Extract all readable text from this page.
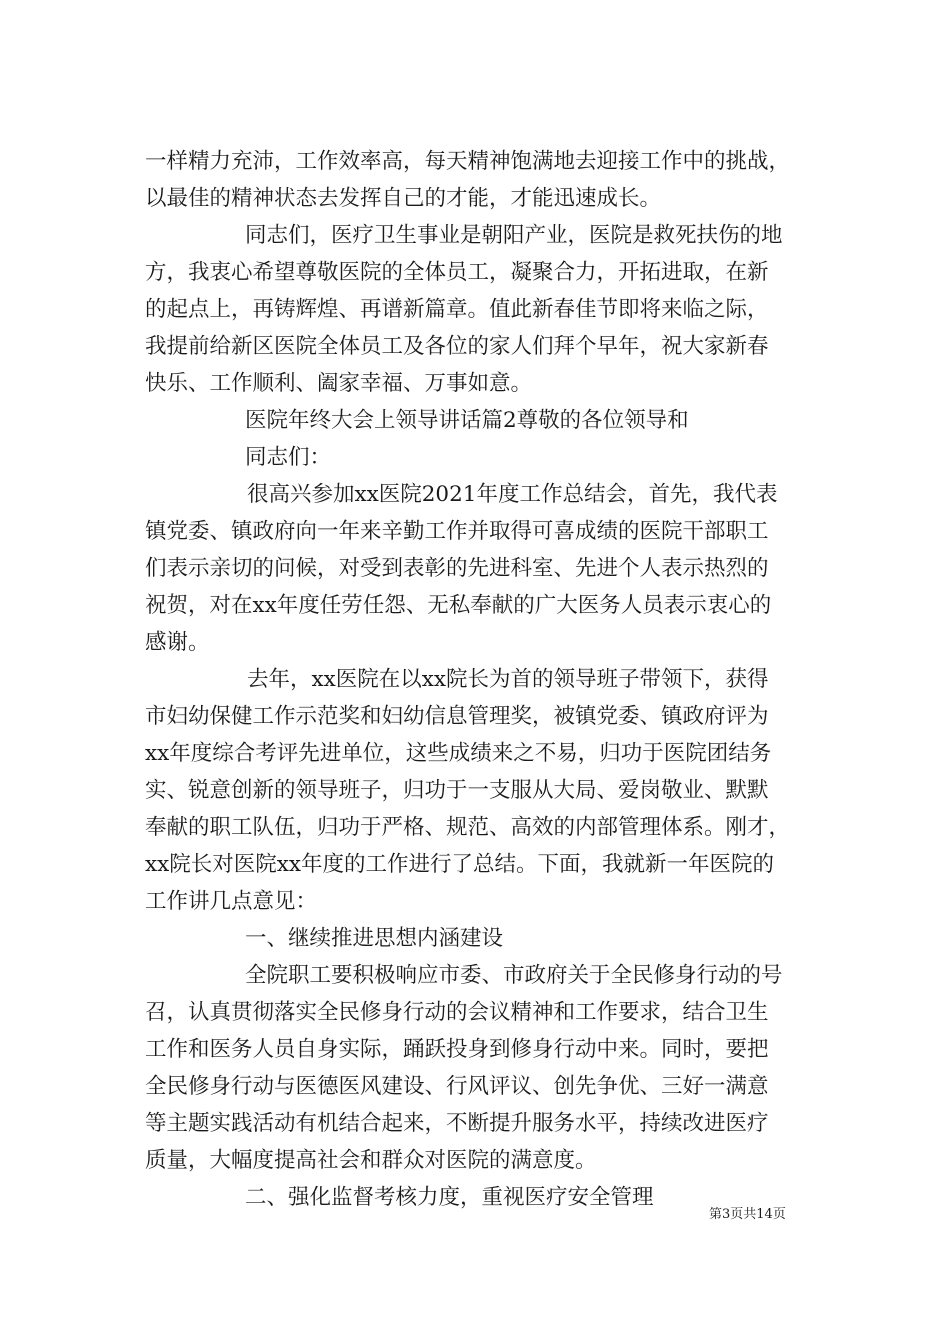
一样精力充沛，工作效率高，每天精神饱满地去迎接工作中的挑战，
以最佳的精神状态去发挥自己的才能，才能迅速成长。
同志们，医疗卫生事业是朝阳产业，医院是救死扶伤的地
方，我衷心希望尊敬医院的全体员工，凝聚合力，开拓进取，在新
的起点上，再铸辉煌、再谱新篇章。值此新春佳节即将来临之际，
我提前给新区医院全体员工及各位的家人们拜个早年，祝大家新春
快乐、工作顺利、阖家幸福、万事如意。
医院年终大会上领导讲话篇2尊敬的各位领导和
同志们：
很高兴参加xx医院2021年度工作总结会，首先，我代表
镇党委、镇政府向一年来辛勤工作并取得可喜成绩的医院干部职工
们表示亲切的问候，对受到表彰的先进科室、先进个人表示热烈的
祝贺，对在xx年度任劳任怨、无私奉献的广大医务人员表示衷心的
感谢。
去年，xx医院在以xx院长为首的领导班子带领下，获得
市妇幼保健工作示范奖和妇幼信息管理奖，被镇党委、镇政府评为
xx年度综合考评先进单位，这些成绩来之不易，归功于医院团结务
实、锐意创新的领导班子，归功于一支服从大局、爱岗敬业、默默
奉献的职工队伍，归功于严格、规范、高效的内部管理体系。刚才，
xx院长对医院xx年度的工作进行了总结。下面，我就新一年医院的
工作讲几点意见：
一、继续推进思想内涵建设
全院职工要积极响应市委、市政府关于全民修身行动的号
召，认真贯彻落实全民修身行动的会议精神和工作要求，结合卫生
工作和医务人员自身实际，踊跃投身到修身行动中来。同时，要把
全民修身行动与医德医风建设、行风评议、创先争优、三好一满意
等主题实践活动有机结合起来，不断提升服务水平，持续改进医疗
质量，大幅度提高社会和群众对医院的满意度。
二、强化监督考核力度，重视医疗安全管理
第3页共14页
